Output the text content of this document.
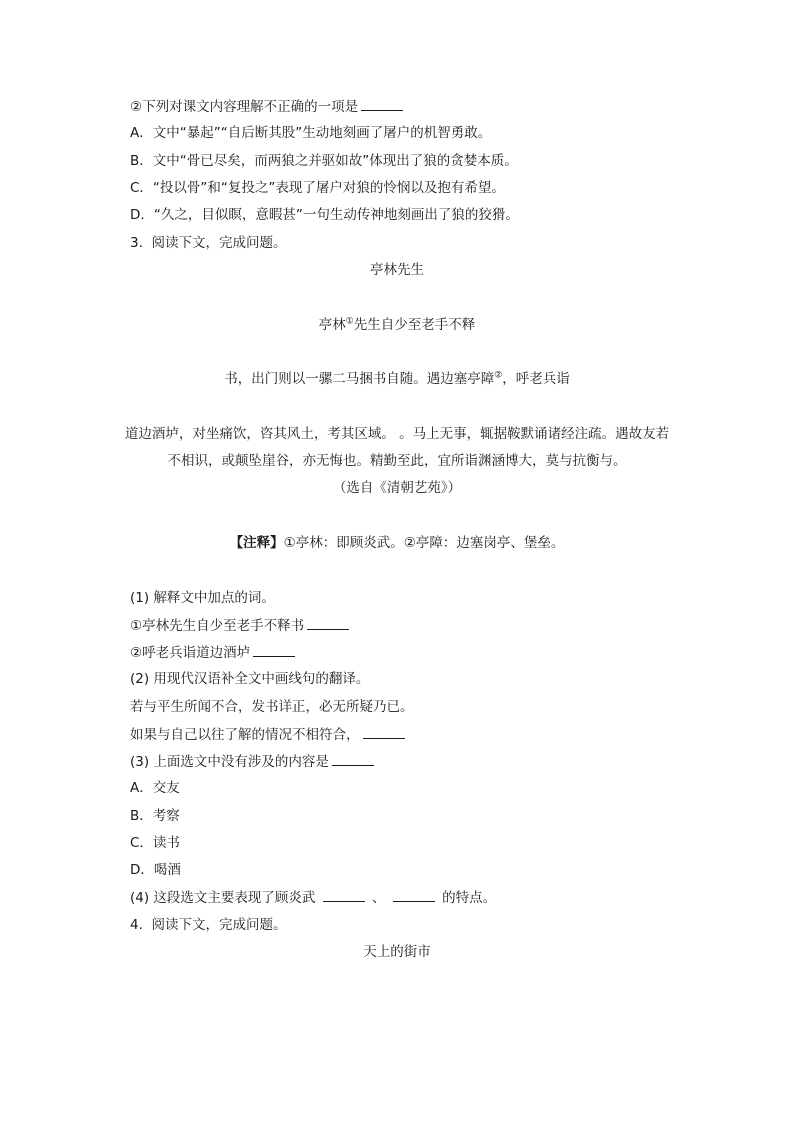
②下列对课文内容理解不正确的一项是
A．文中“暴起”“自后断其股”生动地刻画了屠户的机智勇敢。
B．文中“骨已尽矣，而两狼之并驱如故”体现出了狼的贪婪本质。
C．“投以骨”和“复投之”表现了屠户对狼的怜悯以及抱有希望。
D．“久之，目似瞑，意暇甚”一句生动传神地刻画出了狼的狡猾。
3. 阅读下文，完成问题。
亭林先生
亭林①先生自少至老手不释
书，出门则以一骡二马捆书自随。遇边塞亭障②，呼老兵诣
道边酒垆，对坐痛饮，咨其风土，考其区域。 。马上无事，辄据鞍默诵诸经注疏。遇故友若
不相识，或颠坠崖谷，亦无悔也。精勤至此，宜所诣渊涵博大，莫与抗衡与。
（选自《清朝艺苑》）
【注释】①亭林：即顾炎武。②亭障：边塞岗亭、堡垒。
(1) 解释文中加点的词。
①亭林先生自少至老手不释书
②呼老兵诣道边酒垆
(2) 用现代汉语补全文中画线句的翻译。
若与平生所闻不合，发书详正，必无所疑乃已。
如果与自己以往了解的情况不相符合，
(3) 上面选文中没有涉及的内容是
A．交友
B．考察
C．读书
D．喝酒
(4) 这段选文主要表现了顾炎武	、	的特点。
4. 阅读下文，完成问题。
天上的街市
